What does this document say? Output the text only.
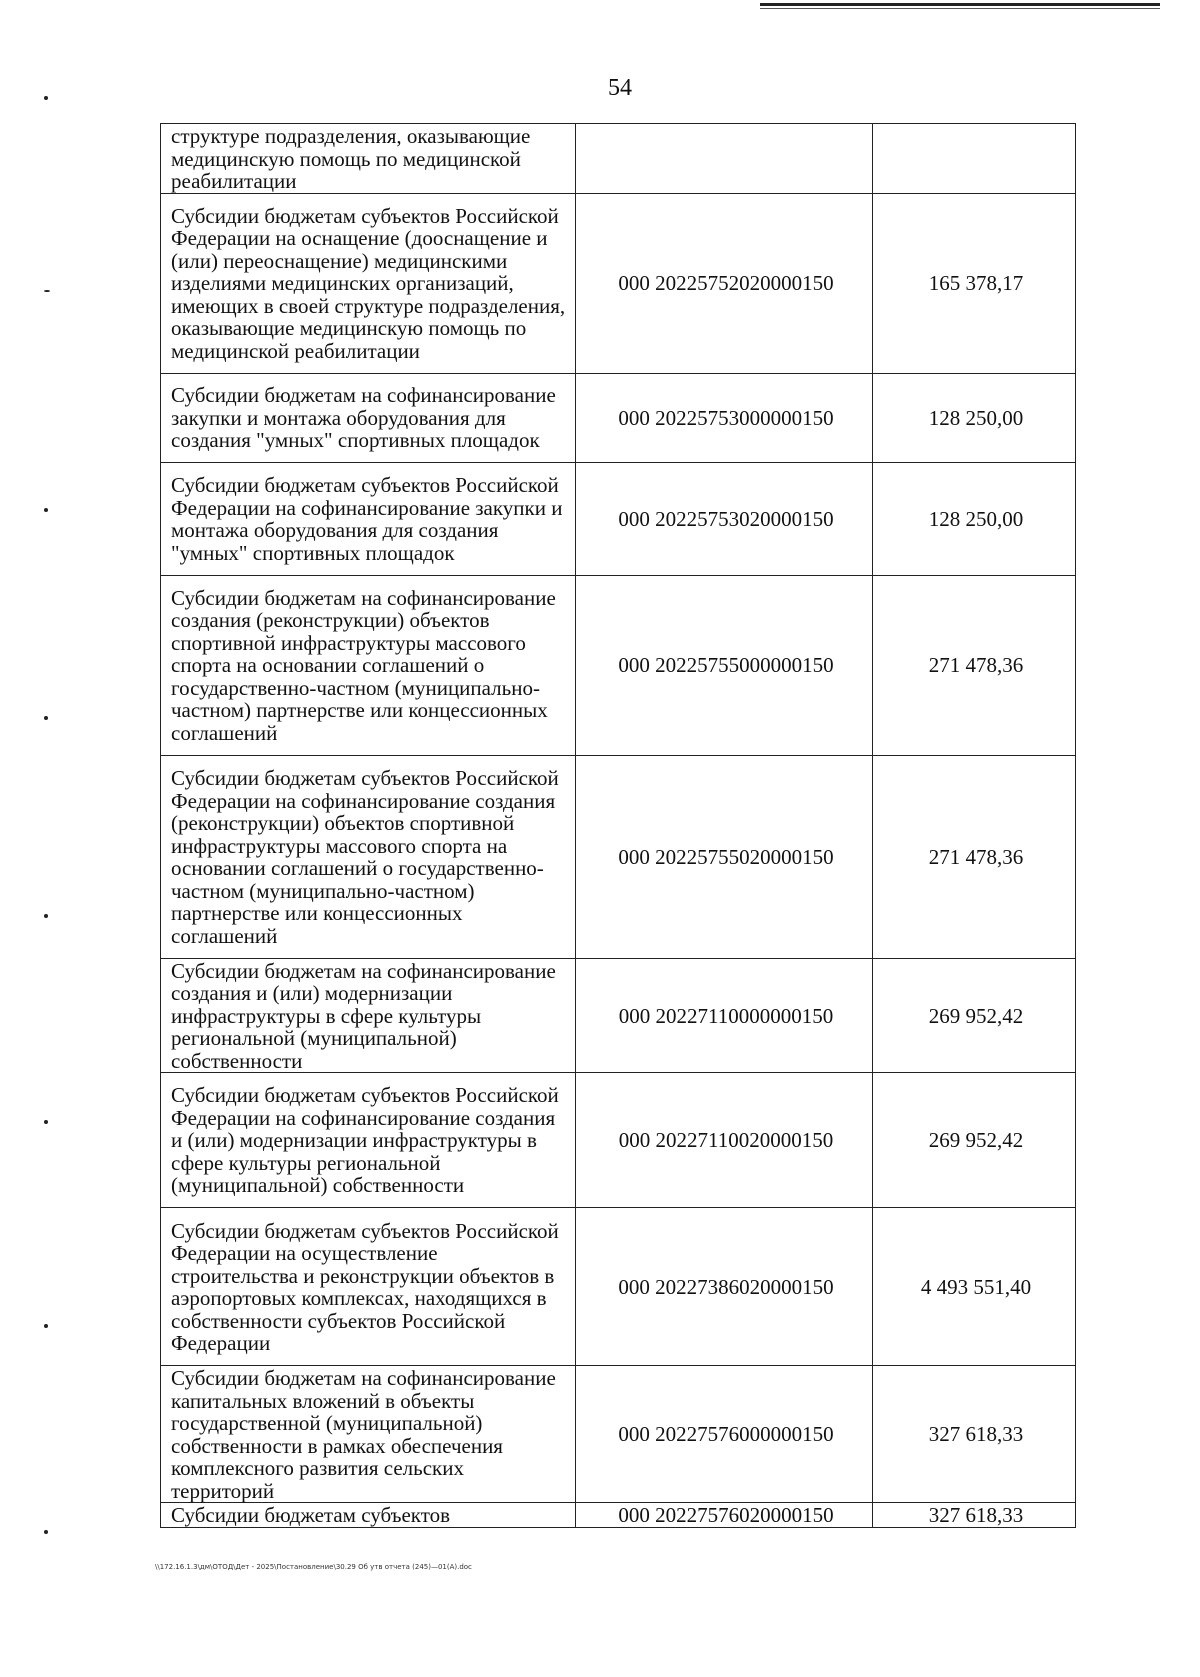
54
структуре подразделения, оказывающие медицинскую помощь по медицинской реабилитации		
Субсидии бюджетам субъектов Российской Федерации на оснащение (дооснащение и (или) переоснащение) медицинскими изделиями медицинских организаций, имеющих в своей структуре подразделения, оказывающие медицинскую помощь по медицинской реабилитации	000 20225752020000150	165 378,17
Субсидии бюджетам на софинансирование закупки и монтажа оборудования для создания "умных" спортивных площадок	000 20225753000000150	128 250,00
Субсидии бюджетам субъектов Российской Федерации на софинансирование закупки и монтажа оборудования для создания "умных" спортивных площадок	000 20225753020000150	128 250,00
Субсидии бюджетам на софинансирование создания (реконструкции) объектов спортивной инфраструктуры массового спорта на основании соглашений о государственно-частном (муниципально-частном) партнерстве или концессионных соглашений	000 20225755000000150	271 478,36
Субсидии бюджетам субъектов Российской Федерации на софинансирование создания (реконструкции) объектов спортивной инфраструктуры массового спорта на основании соглашений о государственно-частном (муниципально-частном) партнерстве или концессионных соглашений	000 20225755020000150	271 478,36
Субсидии бюджетам на софинансирование создания и (или) модернизации инфраструктуры в сфере культуры региональной (муниципальной) собственности	000 20227110000000150	269 952,42
Субсидии бюджетам субъектов Российской Федерации на софинансирование создания и (или) модернизации инфраструктуры в сфере культуры региональной (муниципальной) собственности	000 20227110020000150	269 952,42
Субсидии бюджетам субъектов Российской Федерации на осуществление строительства и реконструкции объектов в аэропортовых комплексах, находящихся в собственности субъектов Российской Федерации	000 20227386020000150	4 493 551,40
Субсидии бюджетам на софинансирование капитальных вложений в объекты государственной (муниципальной) собственности в рамках обеспечения комплексного развития сельских территорий	000 20227576000000150	327 618,33
Субсидии бюджетам субъектов	000 20227576020000150	327 618,33
\\172.16.1.3\дм\ОТОД\Дет - 2025\Постановление\30.29 Об утв отчета (245)—01(А).doc
